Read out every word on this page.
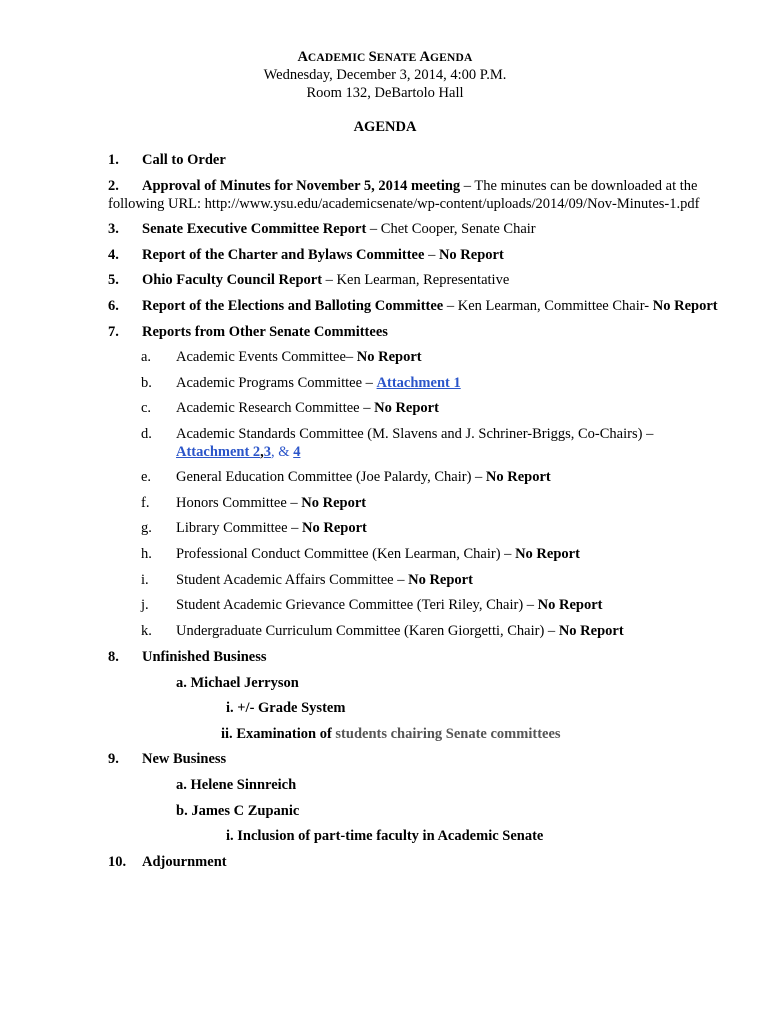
ACADEMIC SENATE AGENDA
Wednesday, December 3, 2014, 4:00 P.M.
Room 132, DeBartolo Hall
AGENDA
1. Call to Order
2. Approval of Minutes for November 5, 2014 meeting – The minutes can be downloaded at the
following URL: http://www.ysu.edu/academicsenate/wp-content/uploads/2014/09/Nov-Minutes-1.pdf
3. Senate Executive Committee Report – Chet Cooper, Senate Chair
4. Report of the Charter and Bylaws Committee – No Report
5. Ohio Faculty Council Report – Ken Learman, Representative
6. Report of the Elections and Balloting Committee – Ken Learman, Committee Chair- No Report
7. Reports from Other Senate Committees
a. Academic Events Committee– No Report
b. Academic Programs Committee – Attachment 1
c. Academic Research Committee – No Report
d. Academic Standards Committee (M. Slavens and J. Schriner-Briggs, Co-Chairs) –
Attachment 2,3, & 4
e. General Education Committee (Joe Palardy, Chair) – No Report
f. Honors Committee – No Report
g. Library Committee – No Report
h. Professional Conduct Committee (Ken Learman, Chair) – No Report
i. Student Academic Affairs Committee – No Report
j. Student Academic Grievance Committee (Teri Riley, Chair) – No Report
k. Undergraduate Curriculum Committee (Karen Giorgetti, Chair) – No Report
8. Unfinished Business
a. Michael Jerryson
i. +/- Grade System
ii. Examination of students chairing Senate committees
9. New Business
a. Helene Sinnreich
b. James C Zupanic
i. Inclusion of part-time faculty in Academic Senate
10. Adjournment
